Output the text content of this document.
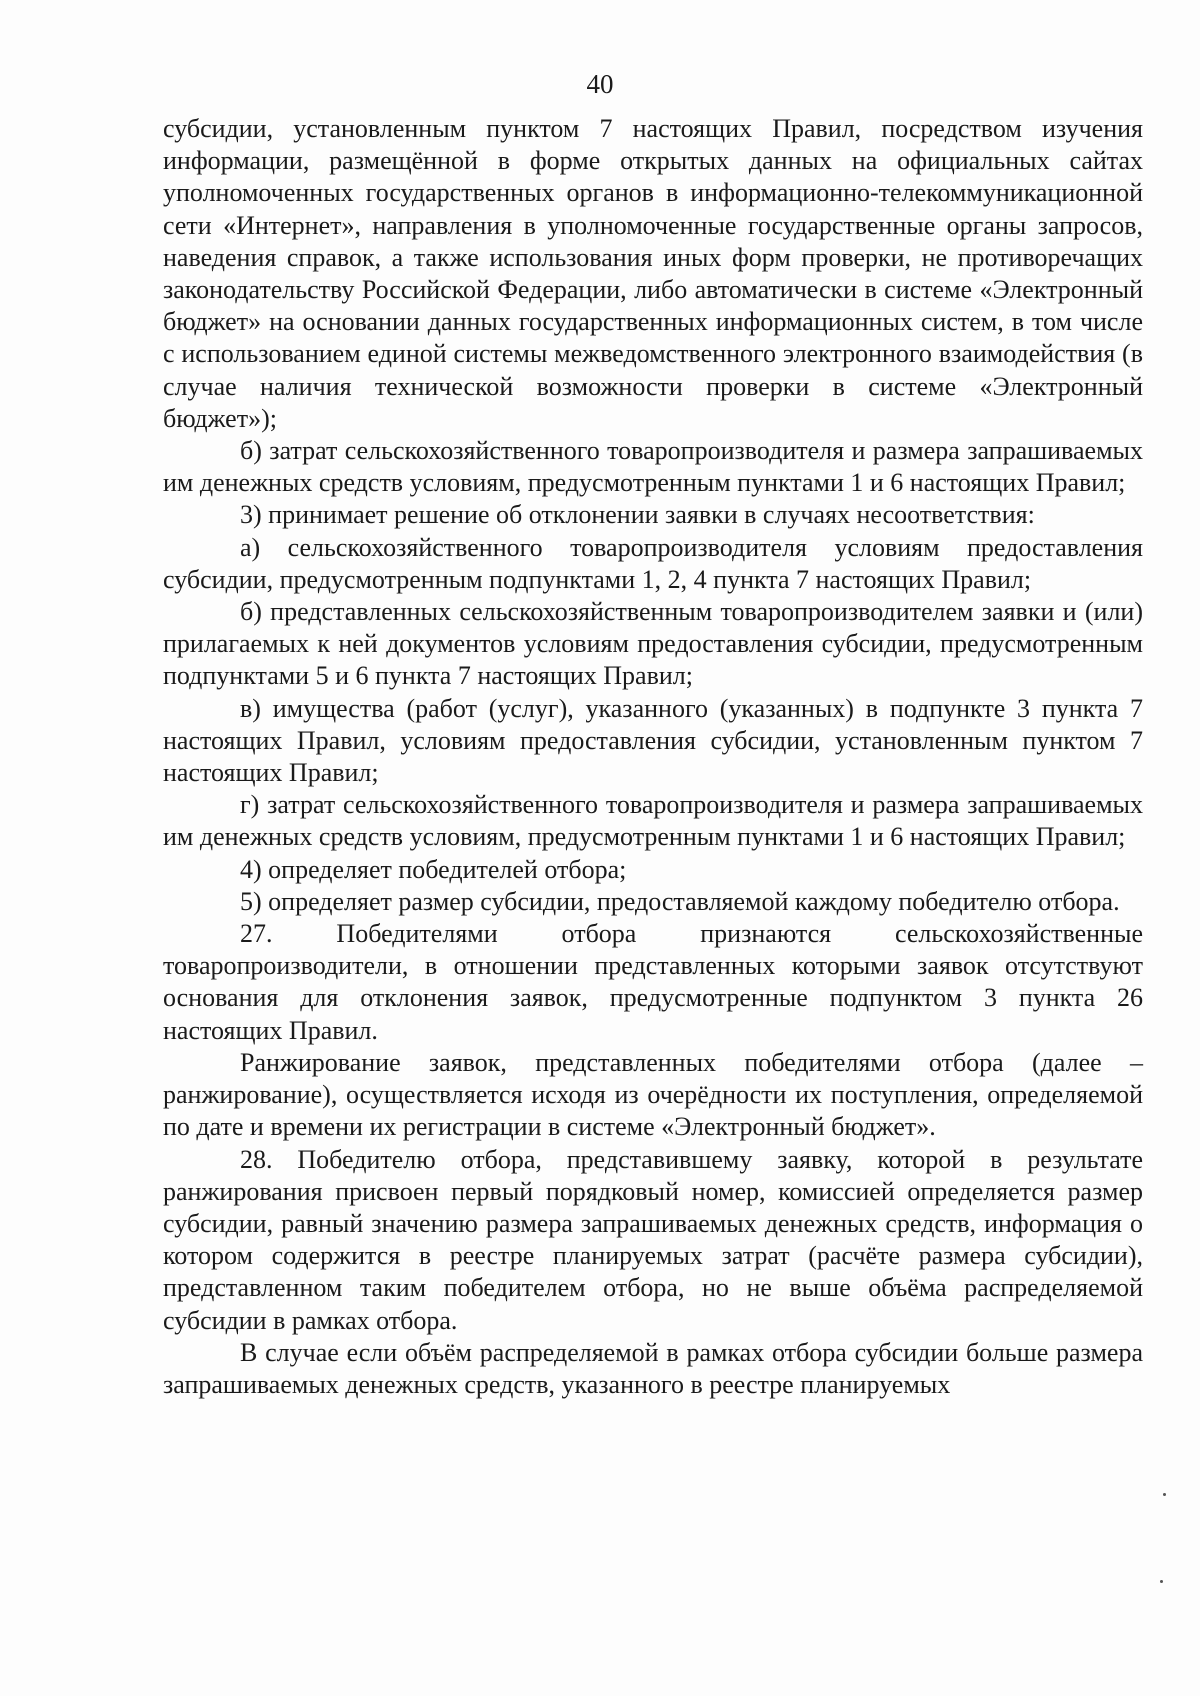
40

субсидии, установленным пунктом 7 настоящих Правил, посредством изучения информации, размещённой в форме открытых данных на официальных сайтах уполномоченных государственных органов в информационно-телекоммуникационной сети «Интернет», направления в уполномоченные государственные органы запросов, наведения справок, а также использования иных форм проверки, не противоречащих законодательству Российской Федерации, либо автоматически в системе «Электронный бюджет» на основании данных государственных информационных систем, в том числе с использованием единой системы межведомственного электронного взаимодействия (в случае наличия технической возможности проверки в системе «Электронный бюджет»);

б) затрат сельскохозяйственного товаропроизводителя и размера запрашиваемых им денежных средств условиям, предусмотренным пунктами 1 и 6 настоящих Правил;

3) принимает решение об отклонении заявки в случаях несоответствия:

а) сельскохозяйственного товаропроизводителя условиям предоставления субсидии, предусмотренным подпунктами 1, 2, 4 пункта 7 настоящих Правил;

б) представленных сельскохозяйственным товаропроизводителем заявки и (или) прилагаемых к ней документов условиям предоставления субсидии, предусмотренным подпунктами 5 и 6 пункта 7 настоящих Правил;

в) имущества (работ (услуг), указанного (указанных) в подпункте 3 пункта 7 настоящих Правил, условиям предоставления субсидии, установленным пунктом 7 настоящих Правил;

г) затрат сельскохозяйственного товаропроизводителя и размера запрашиваемых им денежных средств условиям, предусмотренным пунктами 1 и 6 настоящих Правил;

4) определяет победителей отбора;

5) определяет размер субсидии, предоставляемой каждому победителю отбора.

27. Победителями отбора признаются сельскохозяйственные товаропроизводители, в отношении представленных которыми заявок отсутствуют основания для отклонения заявок, предусмотренные подпунктом 3 пункта 26 настоящих Правил.

Ранжирование заявок, представленных победителями отбора (далее – ранжирование), осуществляется исходя из очерёдности их поступления, определяемой по дате и времени их регистрации в системе «Электронный бюджет».

28. Победителю отбора, представившему заявку, которой в результате ранжирования присвоен первый порядковый номер, комиссией определяется размер субсидии, равный значению размера запрашиваемых денежных средств, информация о котором содержится в реестре планируемых затрат (расчёте размера субсидии), представленном таким победителем отбора, но не выше объёма распределяемой субсидии в рамках отбора.

В случае если объём распределяемой в рамках отбора субсидии больше размера запрашиваемых денежных средств, указанного в реестре планируемых
